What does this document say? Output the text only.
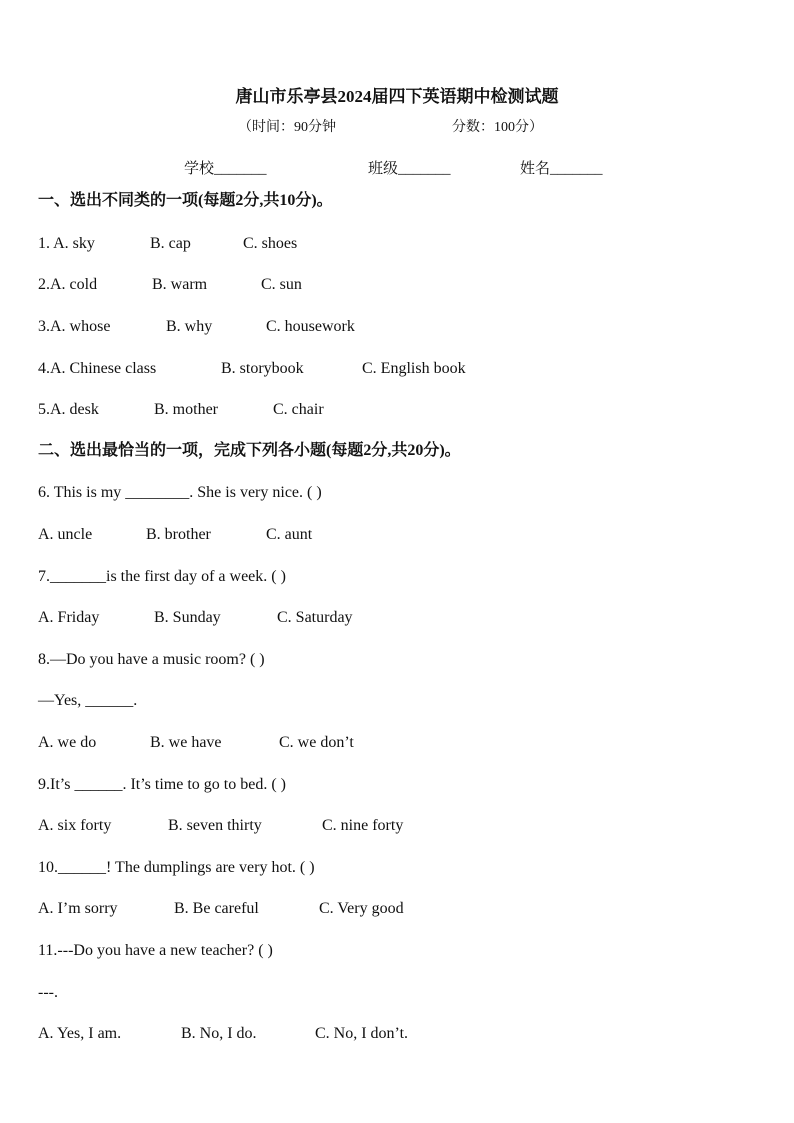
唐山市乐亭县2024届四下英语期中检测试题
（时间：90分钟	分数：100分）
学校_______	班级_______	姓名_______
一、选出不同类的一项(每题2分,共10分)。
1. A. sky	B. cap	C. shoes
2.A. cold	B. warm	C. sun
3.A. whose	B. why	C. housework
4.A. Chinese class	B. storybook	C. English book
5.A. desk	B. mother	C. chair
二、选出最恰当的一项，完成下列各小题(每题2分,共20分)。
6. This is my ________. She is very nice. ( )
A. uncle	B. brother	C. aunt
7._______is the first day of a week. ( )
A. Friday	B. Sunday	C. Saturday
8.—Do you have a music room? ( )
—Yes, ______.
A. we do	B. we have	C. we don’t
9.It’s ______. It’s time to go to bed. ( )
A. six forty	B. seven thirty	C. nine forty
10.______! The dumplings are very hot. ( )
A. I’m sorry	B. Be careful	C. Very good
11.---Do you have a new teacher? ( )
---.
A. Yes, I am.	B. No, I do.	C. No, I don’t.
